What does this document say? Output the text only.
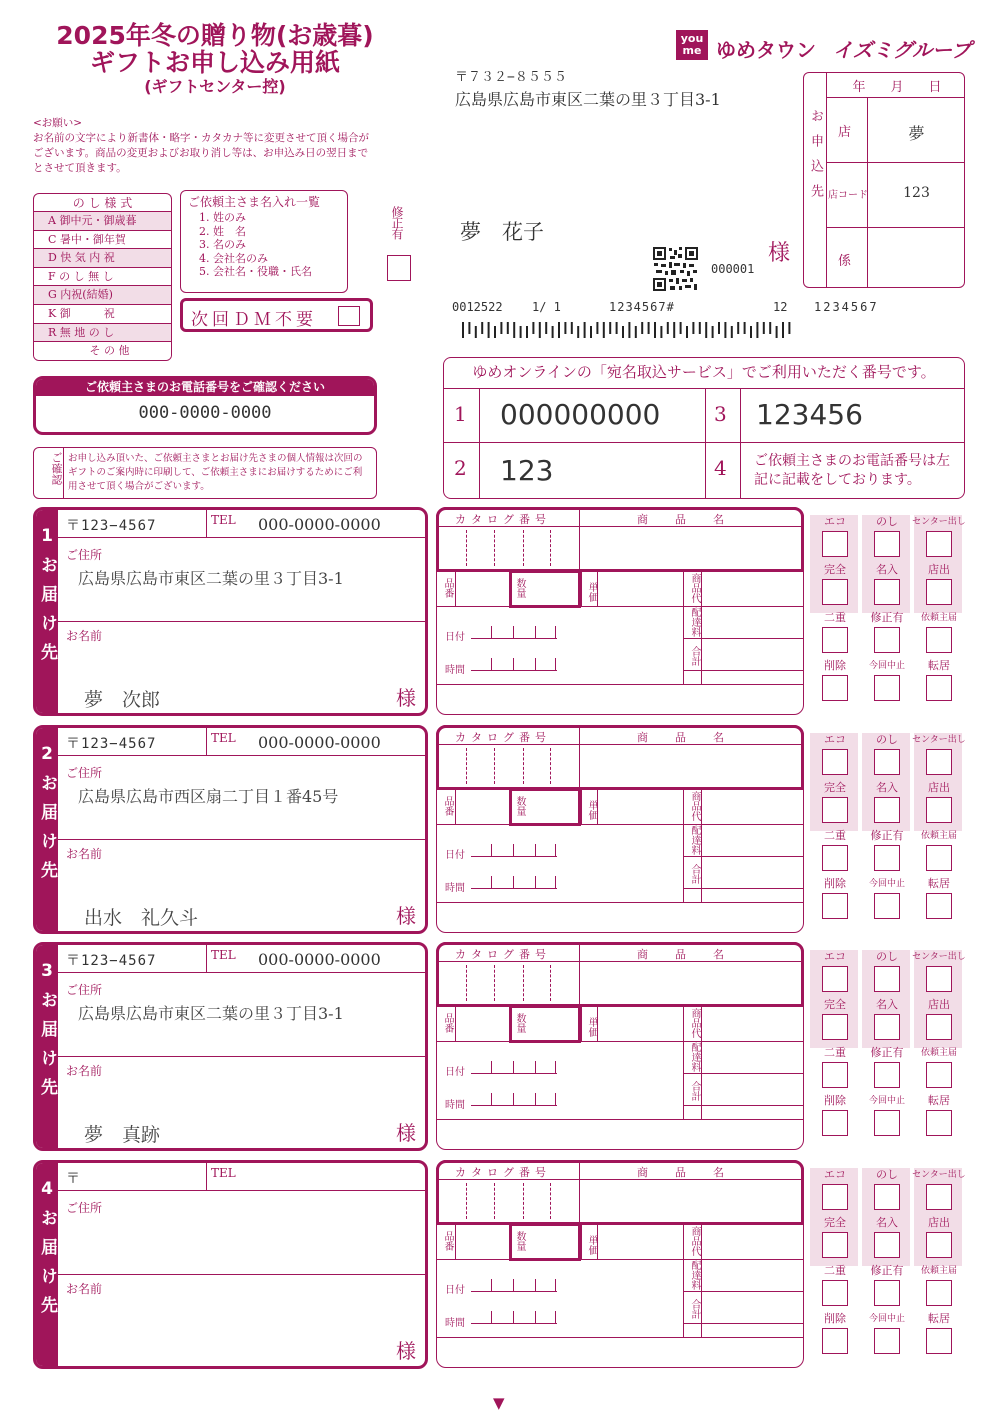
2025年冬の贈り物(お歳暮)
ギフトお申し込み用紙
(ギフトセンター控)
you
me ゆめタウン イズミグループ
<お願い>
お名前の文字により新書体・略字・カタカナ等に変更させて頂く場合がございます。商品の変更およびお取り消し等は、お申込み日の翌日までとさせて頂きます。
の し 様 式
A 御中元・御歳暮
C 暑中・御年賀
D 快 気 内 祝
F の し 無 し
G 内祝(結婚)
K 御　　　祝
R 無 地 の し
そ の 他
ご依頼主さま名入れ一覧
1. 姓のみ
2. 姓　名
3. 名のみ
4. 会社名のみ
5. 会社名・役職・氏名
修正有
次回ＤＭ不要
ご依頼主さまのお電話番号をご確認ください
000-0000-0000
ご確認 お申し込み頂いた、ご依頼主さまとお届け先さまの個人情報は次回のギフトのご案内時に印刷して、ご依頼主さまにお届けするためにご利用させて頂く場合がございます。
〒７３２−８５５５
広島県広島市東区二葉の里３丁目3-1
夢　花子
様
000001
0012522 1/ 1	1234567#	12 1234567
年　月　日
お申込先 店	夢
店コード	123
係
ゆめオンラインの「宛名取込サービス」でご利用いただく番号です。
1 000000000	3 123456
2 123	4 ご依頼主さまのお電話番号は左記に記載をしております。
1
お届け先
〒123−4567	TEL 000-0000-0000
ご住所
広島県広島市東区二葉の里３丁目3-1
お名前
夢　次郎	様
カタログ番号	商　品　名
品番	数量	単価	商品代
配達料
合計
日付
時間
エコ	のし	センター出し
完全	名入	店出
二重	修正有	依頼主届
削除	今回中止	転居
2
お届け先
〒123−4567	TEL 000-0000-0000
ご住所
広島県広島市西区扇二丁目１番45号
お名前
出水　礼久斗	様
カタログ番号	商　品　名
品番	数量	単価	商品代
配達料
合計
日付
時間
エコ	のし	センター出し
完全	名入	店出
二重	修正有	依頼主届
削除	今回中止	転居
3
お届け先
〒123−4567	TEL 000-0000-0000
ご住所
広島県広島市東区二葉の里３丁目3-1
お名前
夢　真跡	様
カタログ番号	商　品　名
品番	数量	単価	商品代
配達料
合計
日付
時間
エコ	のし	センター出し
完全	名入	店出
二重	修正有	依頼主届
削除	今回中止	転居
4
お届け先
〒	TEL
ご住所
お名前
様
カタログ番号	商　品　名
品番	数量	単価	商品代
配達料
合計
日付
時間
エコ	のし	センター出し
完全	名入	店出
二重	修正有	依頼主届
削除	今回中止	転居
▼
